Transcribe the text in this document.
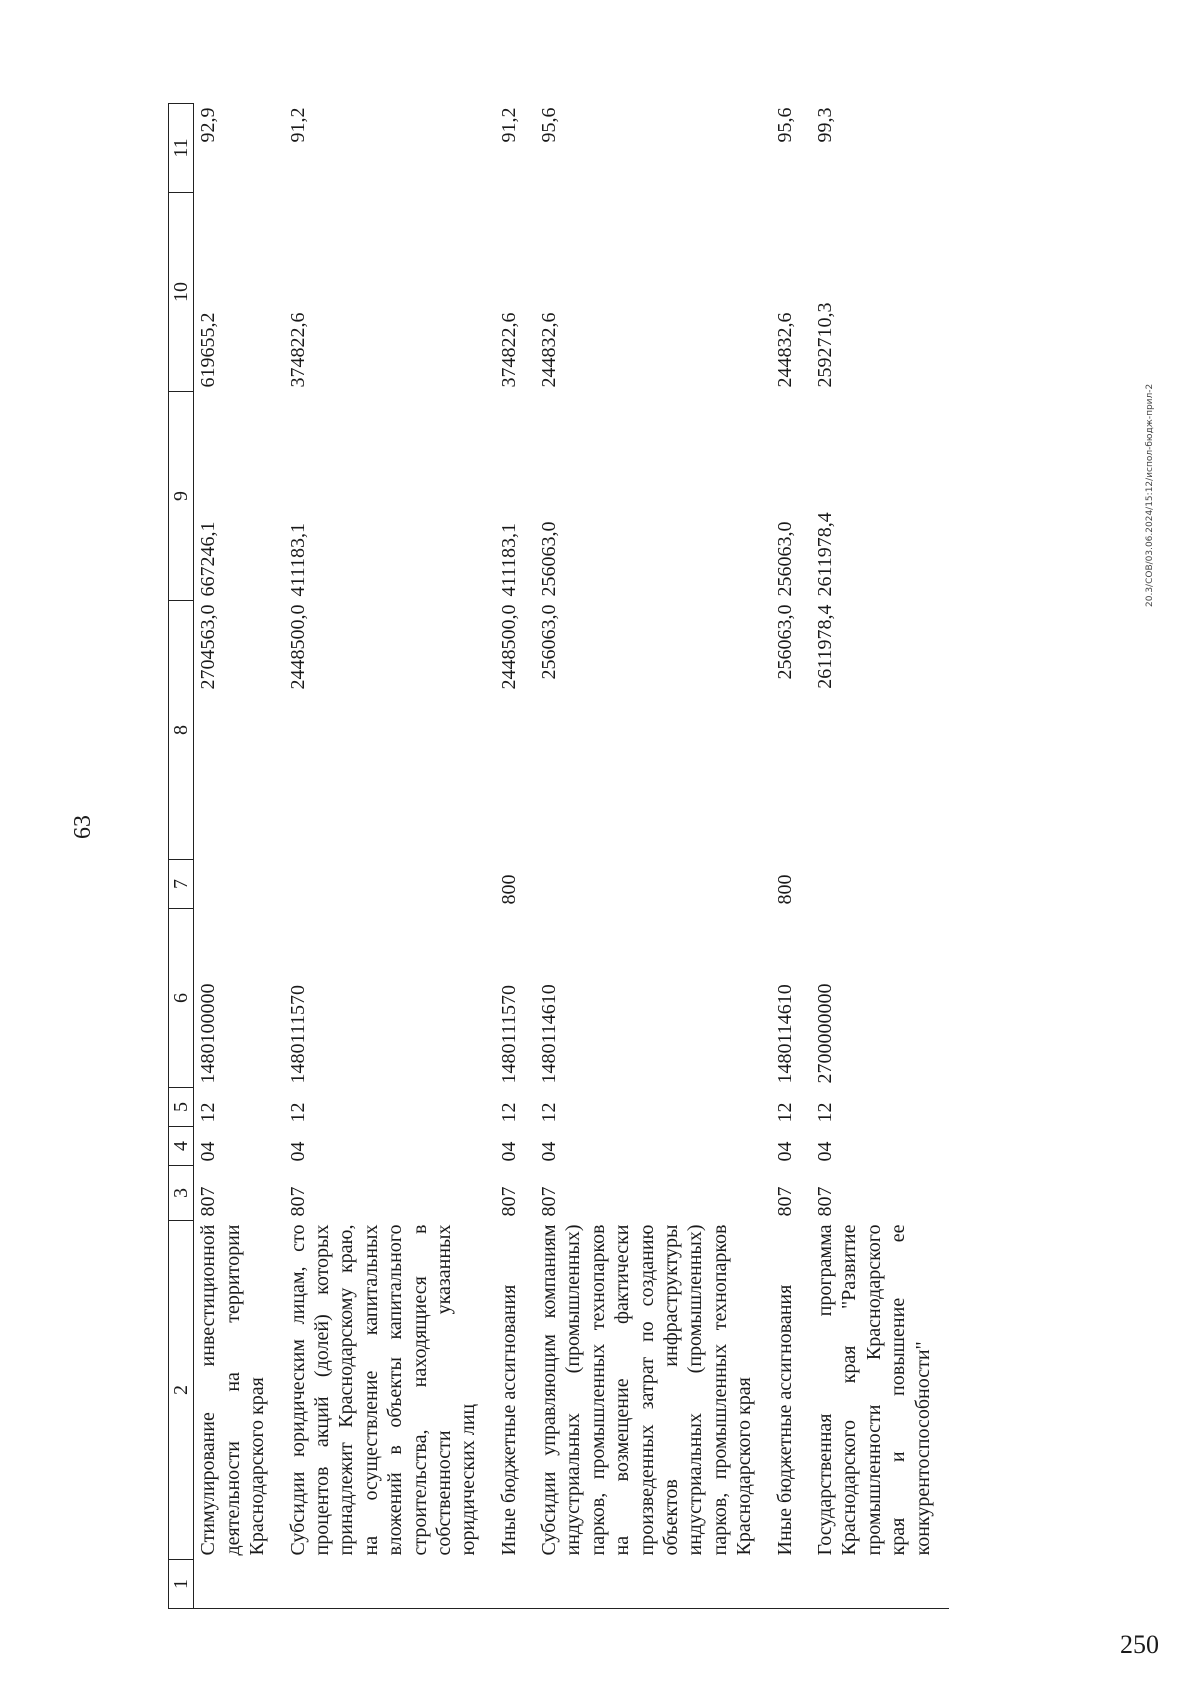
63
1	2	3	4	5	6	7	8	9	10	11
	Стимулирование инвестиционной деятельности на территории Краснодарского края	807	04	12	1480100000		2704563,0	667246,1	619655,2	92,9
	Субсидии юридическим лицам, сто процентов акций (долей) которых принадлежит Краснодарскому краю, на осуществление капитальных вложений в объекты капитального строительства, находящиеся в собственности указанных юридических лиц	807	04	12	1480111570		2448500,0	411183,1	374822,6	91,2
	Иные бюджетные ассигнования	807	04	12	1480111570	800	2448500,0	411183,1	374822,6	91,2
	Субсидии управляющим компаниям индустриальных (промышленных) парков, промышленных технопарков на возмещение фактически произведенных затрат по созданию объектов инфраструктуры индустриальных (промышленных) парков, промышленных технопарков Краснодарского края	807	04	12	1480114610		256063,0	256063,0	244832,6	95,6
	Иные бюджетные ассигнования	807	04	12	1480114610	800	256063,0	256063,0	244832,6	95,6
	Государственная программа Краснодарского края "Развитие промышленности Краснодарского края и повышение ее конкурентоспособности"	807	04	12	2700000000		2611978,4	2611978,4	2592710,3	99,3
20.3/СОВ/03.06.2024/15:12/испол-бюдж-прил-2
250
